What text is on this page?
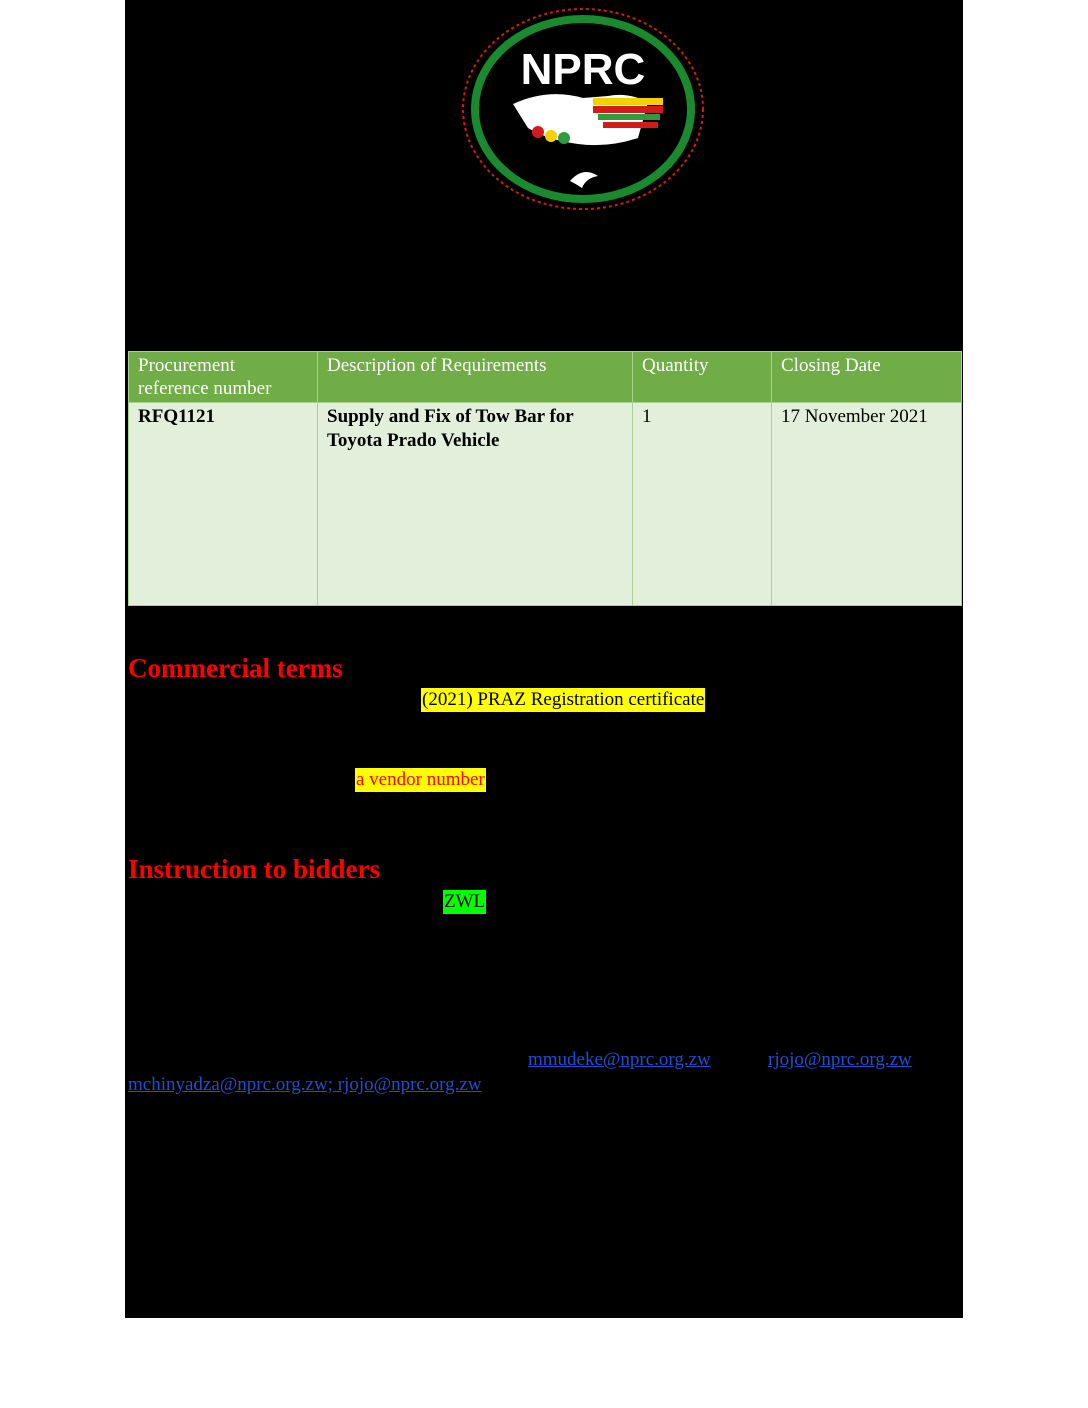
NPRC
Procurement reference number	Description of Requirements	Quantity	Closing Date
RFQ1121	Supply and Fix of Tow Bar for Toyota Prado Vehicle	1	17 November 2021
Commercial terms
(2021) PRAZ Registration certificate
a vendor number
Instruction to bidders
ZWL
mmudeke@nprc.org.zw	rjojo@nprc.org.zw
mchinyadza@nprc.org.zw; rjojo@nprc.org.zw
